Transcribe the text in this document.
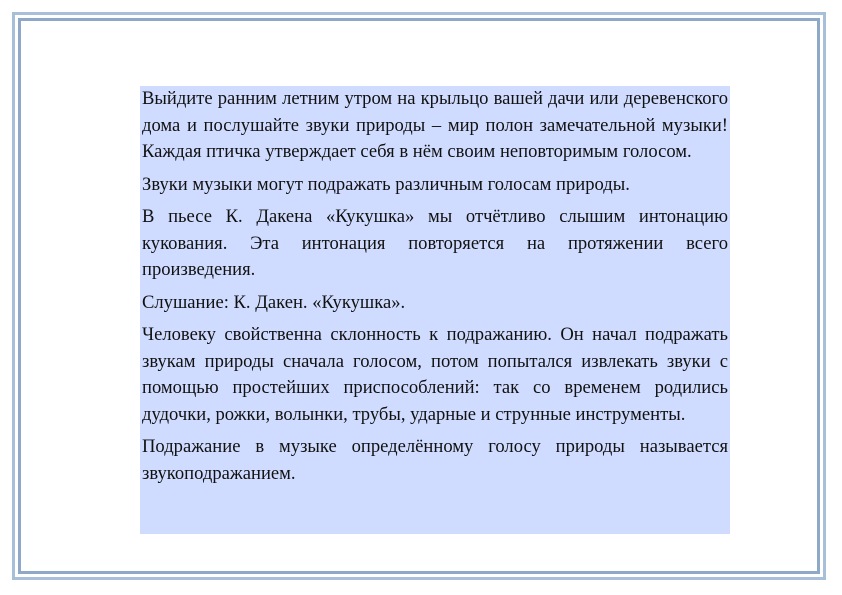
Выйдите ранним летним утром на крыльцо вашей дачи или деревенского дома и послушайте звуки природы – мир полон замечательной музыки! Каждая птичка утверждает себя в нём своим неповторимым голосом.

Звуки музыки могут подражать различным голосам природы.

В пьесе К. Дакена «Кукушка» мы отчётливо слышим интонацию кукования. Эта интонация повторяется на протяжении всего произведения.

Слушание: К. Дакен. «Кукушка».

Человеку свойственна склонность к подражанию. Он начал подражать звукам природы сначала голосом, потом попытался извлекать звуки с помощью простейших приспособлений: так со временем родились дудочки, рожки, волынки, трубы, ударные и струнные инструменты.

Подражание в музыке определённому голосу природы называется звукоподражанием.
